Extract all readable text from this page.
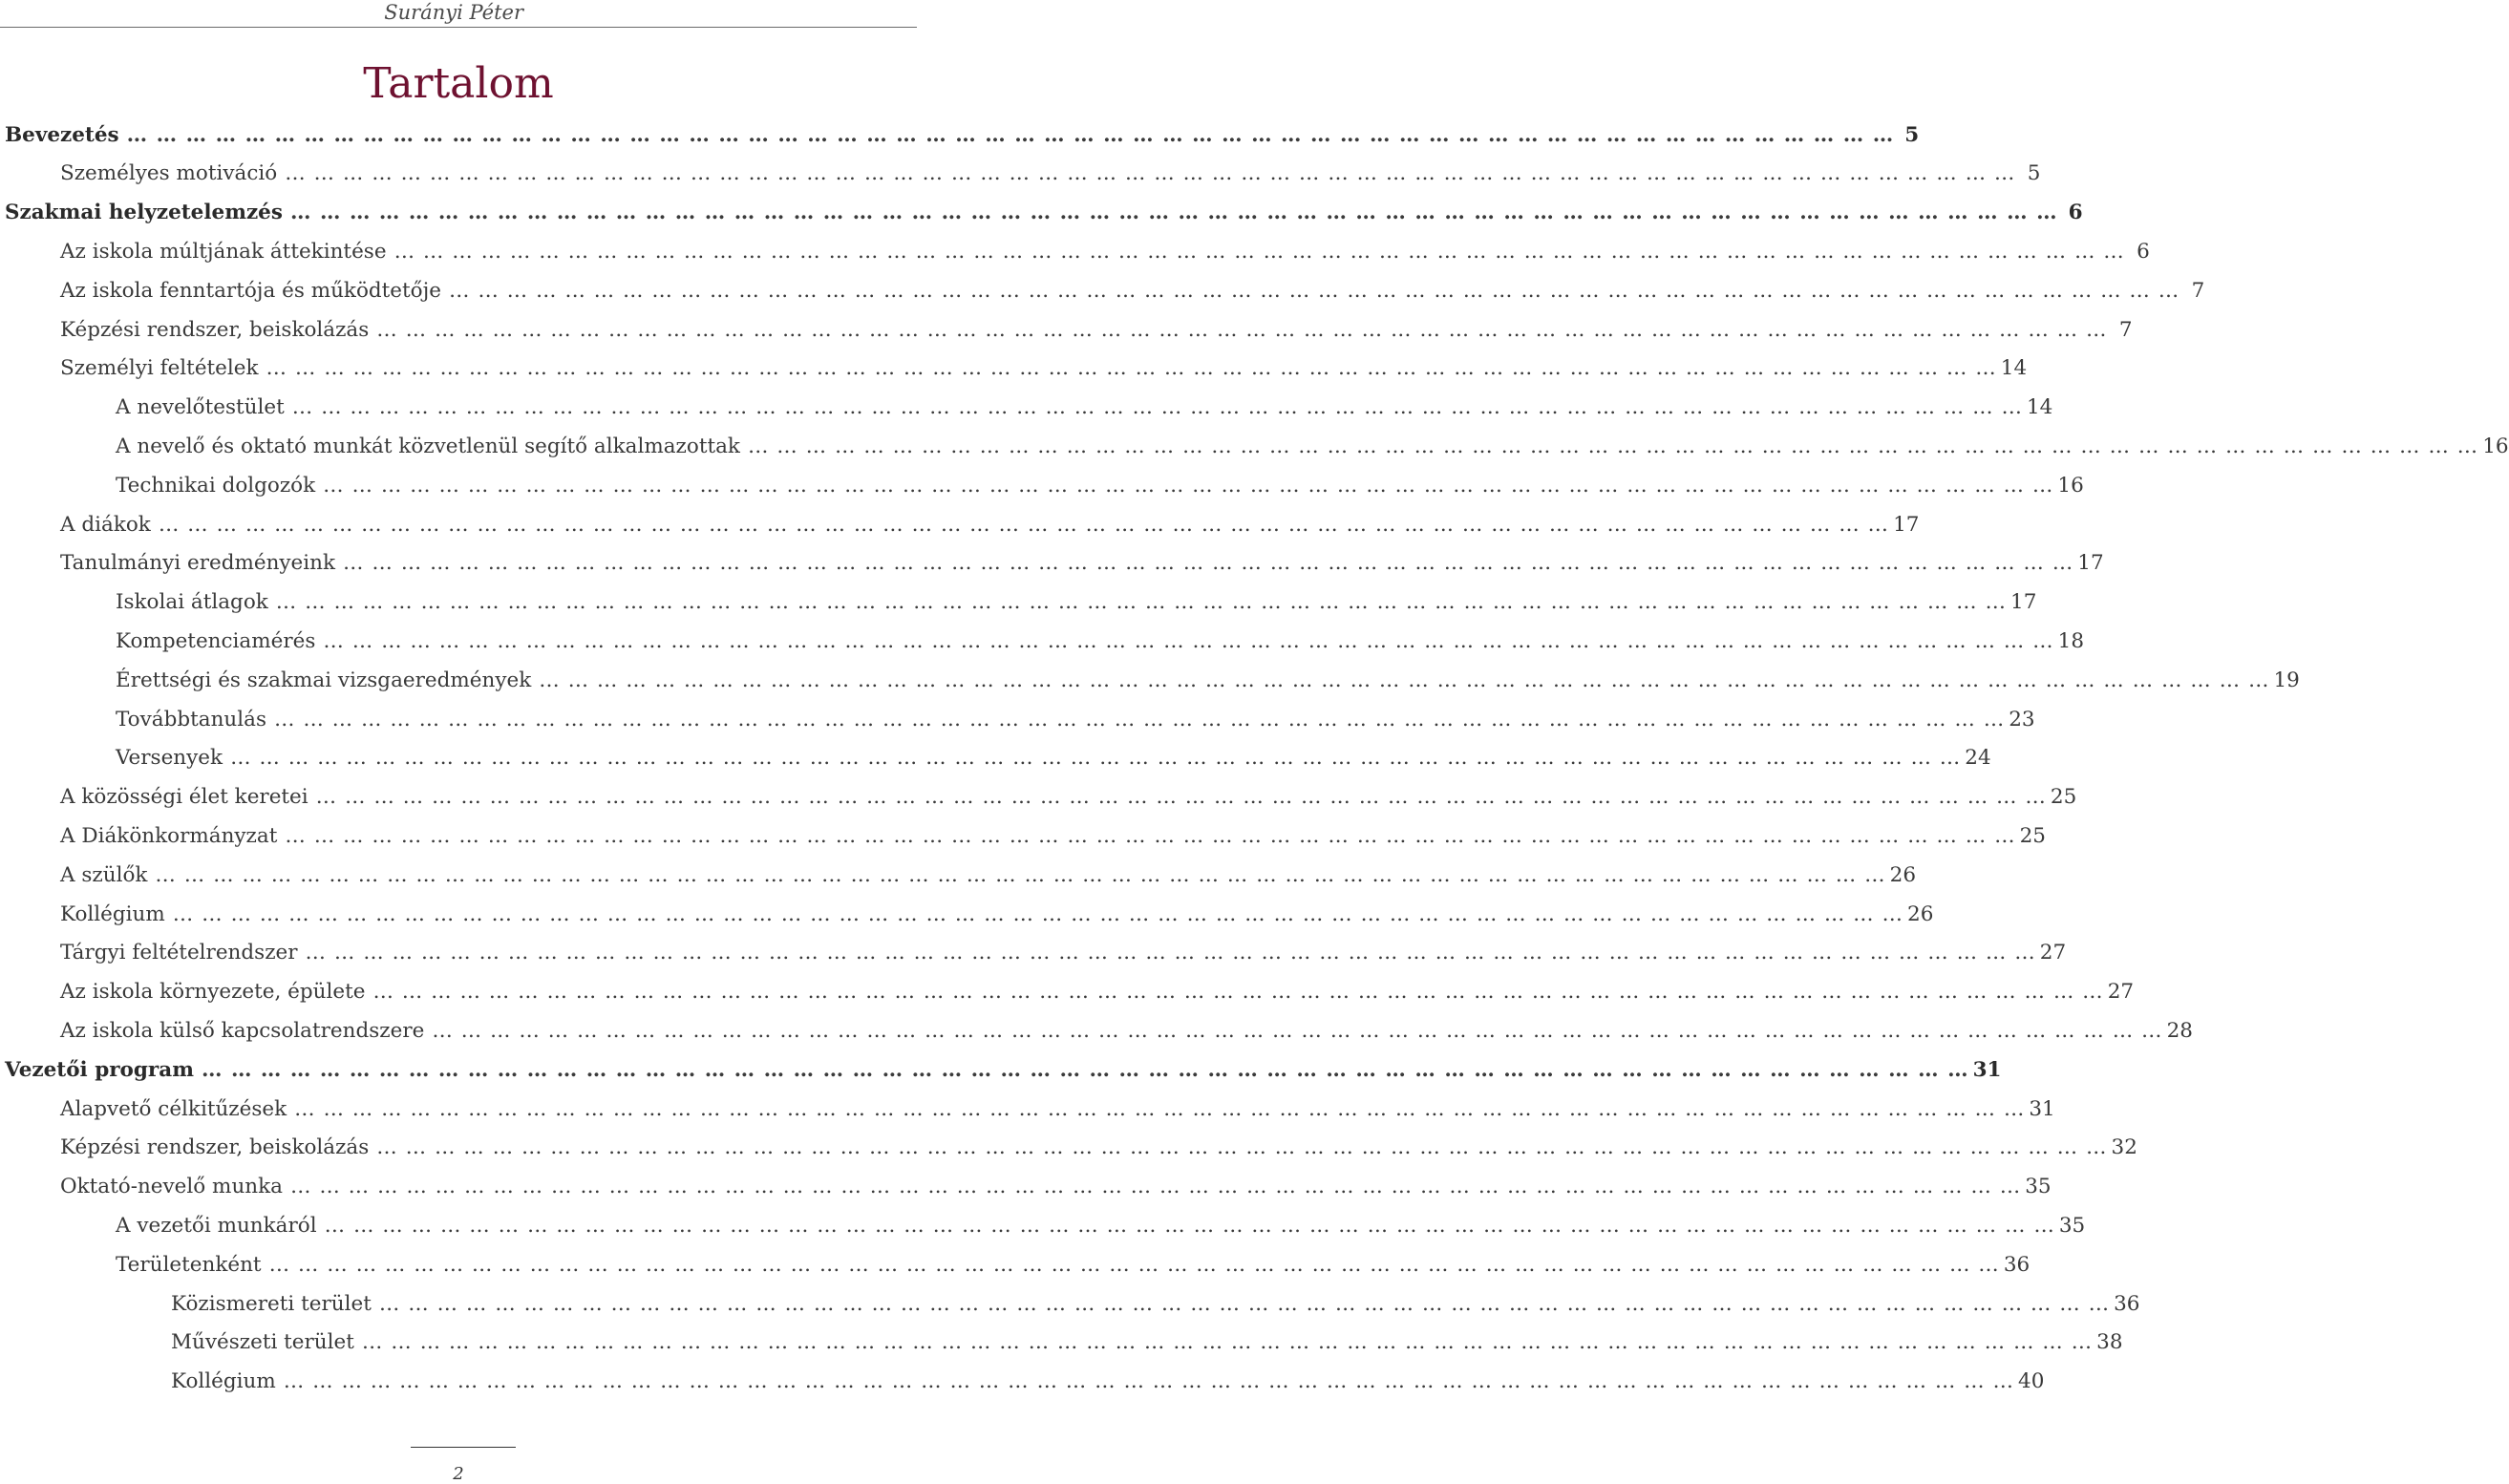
Surányi Péter
Tartalom
Bevezetés … … … … … … … … … … … … … … … … … … … … … … … … … … … … … … … … … … … … … … … … … … … … … … … … … … … … … … … … … … … … 5
Személyes motiváció … … … … … … … … … … … … … … … … … … … … … … … … … … … … … … … … … … … … … … … … … … … … … … … … … … … … … … … … … … … … 5
Szakmai helyzetelemzés … … … … … … … … … … … … … … … … … … … … … … … … … … … … … … … … … … … … … … … … … … … … … … … … … … … … … … … … … … … … 6
Az iskola múltjának áttekintése … … … … … … … … … … … … … … … … … … … … … … … … … … … … … … … … … … … … … … … … … … … … … … … … … … … … … … … … … … … … 6
Az iskola fenntartója és működtetője … … … … … … … … … … … … … … … … … … … … … … … … … … … … … … … … … … … … … … … … … … … … … … … … … … … … … … … … … … … … 7
Képzési rendszer, beiskolázás … … … … … … … … … … … … … … … … … … … … … … … … … … … … … … … … … … … … … … … … … … … … … … … … … … … … … … … … … … … … 7
Személyi feltételek … … … … … … … … … … … … … … … … … … … … … … … … … … … … … … … … … … … … … … … … … … … … … … … … … … … … … … … … … … … … 14
A nevelőtestület … … … … … … … … … … … … … … … … … … … … … … … … … … … … … … … … … … … … … … … … … … … … … … … … … … … … … … … … … … … … 14
A nevelő és oktató munkát közvetlenül segítő alkalmazottak … … … … … … … … … … … … … … … … … … … … … … … … … … … … … … … … … … … … … … … … … … … … … … … … … … … … … … … … … … … … 16
Technikai dolgozók … … … … … … … … … … … … … … … … … … … … … … … … … … … … … … … … … … … … … … … … … … … … … … … … … … … … … … … … … … … … 16
A diákok … … … … … … … … … … … … … … … … … … … … … … … … … … … … … … … … … … … … … … … … … … … … … … … … … … … … … … … … … … … … 17
Tanulmányi eredményeink … … … … … … … … … … … … … … … … … … … … … … … … … … … … … … … … … … … … … … … … … … … … … … … … … … … … … … … … … … … … 17
Iskolai átlagok … … … … … … … … … … … … … … … … … … … … … … … … … … … … … … … … … … … … … … … … … … … … … … … … … … … … … … … … … … … … 17
Kompetenciamérés … … … … … … … … … … … … … … … … … … … … … … … … … … … … … … … … … … … … … … … … … … … … … … … … … … … … … … … … … … … … 18
Érettségi és szakmai vizsgaeredmények … … … … … … … … … … … … … … … … … … … … … … … … … … … … … … … … … … … … … … … … … … … … … … … … … … … … … … … … … … … … 19
Továbbtanulás … … … … … … … … … … … … … … … … … … … … … … … … … … … … … … … … … … … … … … … … … … … … … … … … … … … … … … … … … … … … 23
Versenyek … … … … … … … … … … … … … … … … … … … … … … … … … … … … … … … … … … … … … … … … … … … … … … … … … … … … … … … … … … … … 24
A közösségi élet keretei … … … … … … … … … … … … … … … … … … … … … … … … … … … … … … … … … … … … … … … … … … … … … … … … … … … … … … … … … … … … 25
A Diákönkormányzat … … … … … … … … … … … … … … … … … … … … … … … … … … … … … … … … … … … … … … … … … … … … … … … … … … … … … … … … … … … … 25
A szülők … … … … … … … … … … … … … … … … … … … … … … … … … … … … … … … … … … … … … … … … … … … … … … … … … … … … … … … … … … … … 26
Kollégium … … … … … … … … … … … … … … … … … … … … … … … … … … … … … … … … … … … … … … … … … … … … … … … … … … … … … … … … … … … … 26
Tárgyi feltételrendszer … … … … … … … … … … … … … … … … … … … … … … … … … … … … … … … … … … … … … … … … … … … … … … … … … … … … … … … … … … … … 27
Az iskola környezete, épülete … … … … … … … … … … … … … … … … … … … … … … … … … … … … … … … … … … … … … … … … … … … … … … … … … … … … … … … … … … … … 27
Az iskola külső kapcsolatrendszere … … … … … … … … … … … … … … … … … … … … … … … … … … … … … … … … … … … … … … … … … … … … … … … … … … … … … … … … … … … … 28
Vezetői program … … … … … … … … … … … … … … … … … … … … … … … … … … … … … … … … … … … … … … … … … … … … … … … … … … … … … … … … … … … … 31
Alapvető célkitűzések … … … … … … … … … … … … … … … … … … … … … … … … … … … … … … … … … … … … … … … … … … … … … … … … … … … … … … … … … … … … 31
Képzési rendszer, beiskolázás … … … … … … … … … … … … … … … … … … … … … … … … … … … … … … … … … … … … … … … … … … … … … … … … … … … … … … … … … … … … 32
Oktató-nevelő munka … … … … … … … … … … … … … … … … … … … … … … … … … … … … … … … … … … … … … … … … … … … … … … … … … … … … … … … … … … … … 35
A vezetői munkáról … … … … … … … … … … … … … … … … … … … … … … … … … … … … … … … … … … … … … … … … … … … … … … … … … … … … … … … … … … … … 35
Területenként … … … … … … … … … … … … … … … … … … … … … … … … … … … … … … … … … … … … … … … … … … … … … … … … … … … … … … … … … … … … 36
Közismereti terület … … … … … … … … … … … … … … … … … … … … … … … … … … … … … … … … … … … … … … … … … … … … … … … … … … … … … … … … … … … … 36
Művészeti terület … … … … … … … … … … … … … … … … … … … … … … … … … … … … … … … … … … … … … … … … … … … … … … … … … … … … … … … … … … … … 38
Kollégium … … … … … … … … … … … … … … … … … … … … … … … … … … … … … … … … … … … … … … … … … … … … … … … … … … … … … … … … … … … … 40
2
